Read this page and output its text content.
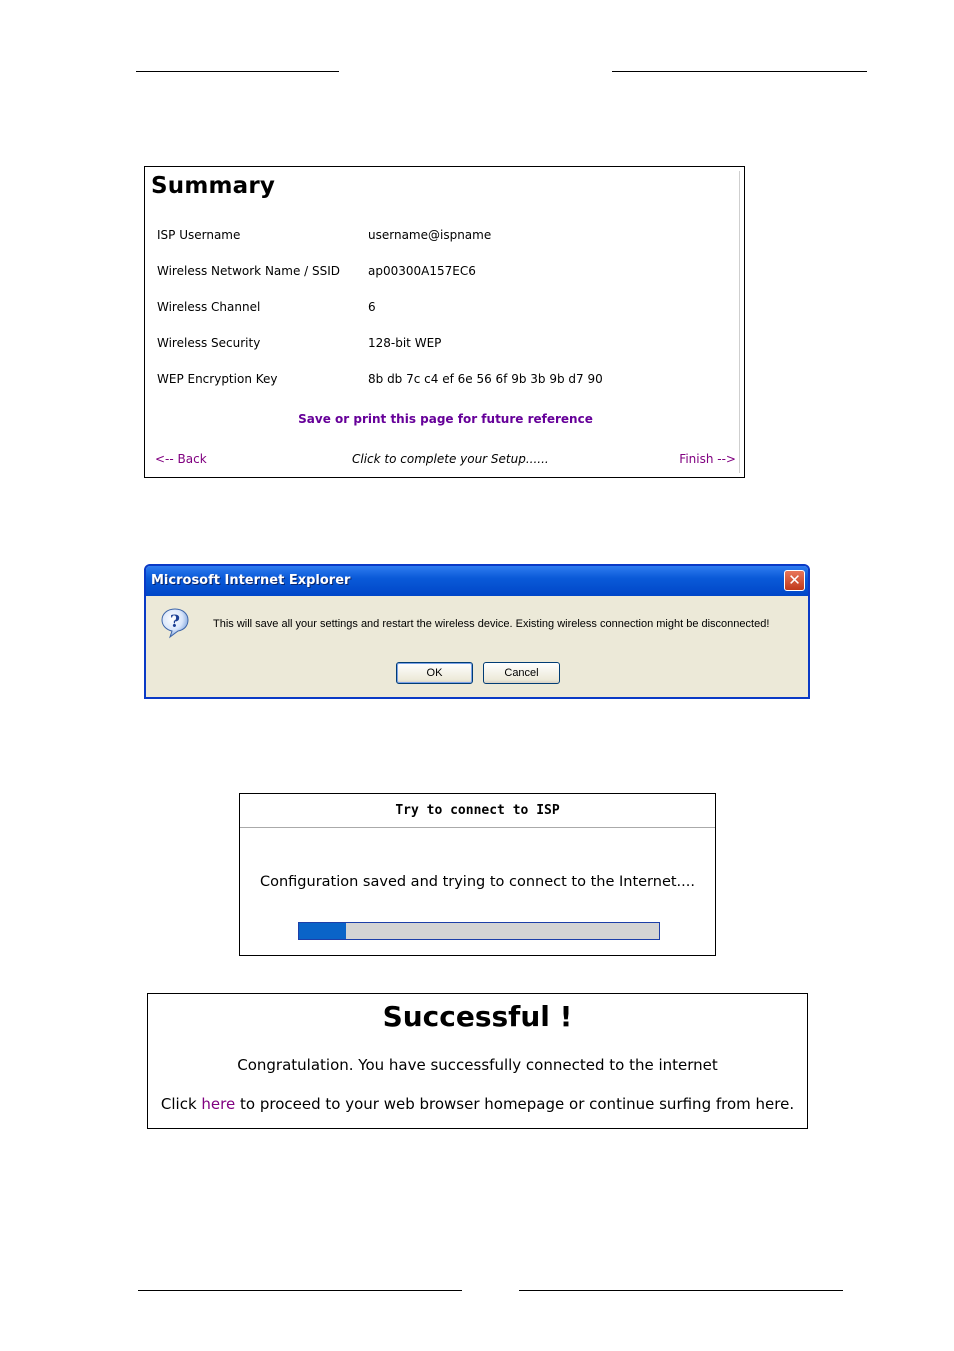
Summary
ISP Username	username@ispname
Wireless Network Name / SSID	ap00300A157EC6
Wireless Channel	6
Wireless Security	128-bit WEP
WEP Encryption Key	8b db 7c c4 ef 6e 56 6f 9b 3b 9b d7 90
Save or print this page for future reference
<-- Back	Click to complete your Setup......	Finish -->
Microsoft Internet Explorer	✕
?	This will save all your settings and restart the wireless device. Existing wireless connection might be disconnected!
OK	Cancel
Try to connect to ISP
Configuration saved and trying to connect to the Internet....
Successful !
Congratulation. You have successfully connected to the internet
Click here to proceed to your web browser homepage or continue surfing from here.
